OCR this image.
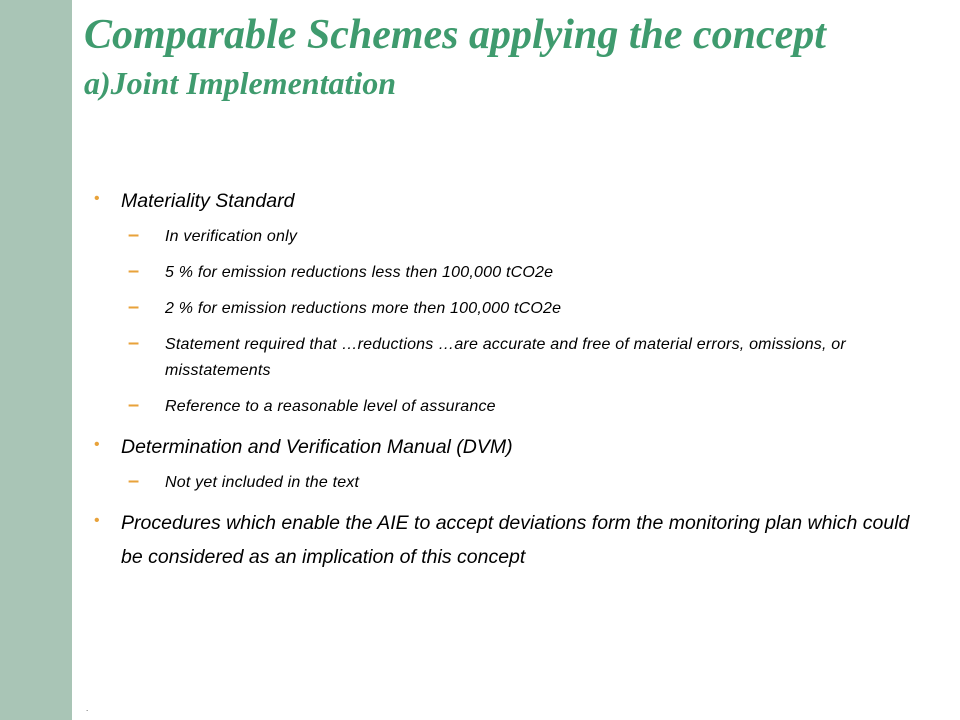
Comparable Schemes applying the concept
a)Joint Implementation
• Materiality Standard
– In verification only
– 5 % for emission reductions less then 100,000 tCO2e
– 2 % for emission reductions more then 100,000 tCO2e
– Statement required that …reductions …are accurate and free of material errors, omissions, or misstatements
– Reference to a reasonable level of assurance
• Determination and Verification Manual (DVM)
– Not yet included in the text
• Procedures which enable the AIE to accept deviations form the monitoring plan which could be considered as an implication of this concept
.
